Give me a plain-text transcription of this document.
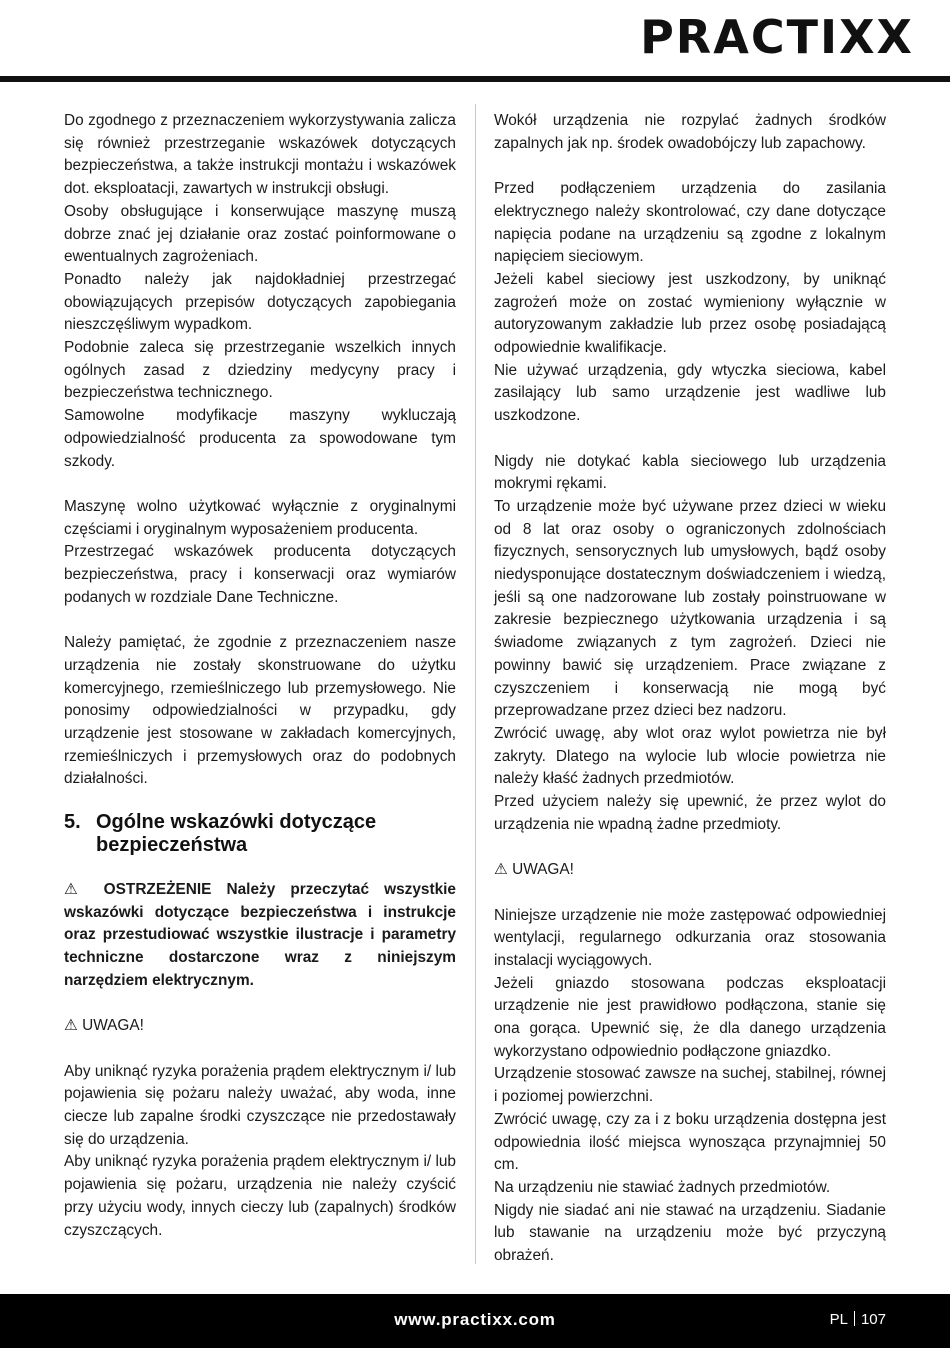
PRACTIXX

Do zgodnego z przeznaczeniem wykorzystywania zalicza się również przestrzeganie wskazówek dotyczących bezpieczeństwa, a także instrukcji montażu i wskazówek dot. eksploatacji, zawartych w instrukcji obsługi.

Osoby obsługujące i konserwujące maszynę muszą dobrze znać jej działanie oraz zostać poinformowane o ewentualnych zagrożeniach.

Ponadto należy jak najdokładniej przestrzegać obowiązujących przepisów dotyczących zapobiegania nieszczęśliwym wypadkom.

Podobnie zaleca się przestrzeganie wszelkich innych ogólnych zasad z dziedziny medycyny pracy i bezpieczeństwa technicznego.

Samowolne modyfikacje maszyny wykluczają odpowiedzialność producenta za spowodowane tym szkody.

Maszynę wolno użytkować wyłącznie z oryginalnymi częściami i oryginalnym wyposażeniem producenta.

Przestrzegać wskazówek producenta dotyczących bezpieczeństwa, pracy i konserwacji oraz wymiarów podanych w rozdziale Dane Techniczne.

Należy pamiętać, że zgodnie z przeznaczeniem nasze urządzenia nie zostały skonstruowane do użytku komercyjnego, rzemieślniczego lub przemysłowego. Nie ponosimy odpowiedzialności w przypadku, gdy urządzenie jest stosowane w zakładach komercyjnych, rzemieślniczych i przemysłowych oraz do podobnych działalności.

5. Ogólne wskazówki dotyczące bezpieczeństwa

⚠ OSTRZEŻENIE Należy przeczytać wszystkie wskazówki dotyczące bezpieczeństwa i instrukcje oraz przestudiować wszystkie ilustracje i parametry techniczne dostarczone wraz z niniejszym narzędziem elektrycznym.

⚠ UWAGA!

Aby uniknąć ryzyka porażenia prądem elektrycznym i/ lub pojawienia się pożaru należy uważać, aby woda, inne ciecze lub zapalne środki czyszczące nie przedostawały się do urządzenia.

Aby uniknąć ryzyka porażenia prądem elektrycznym i/ lub pojawienia się pożaru, urządzenia nie należy czyścić przy użyciu wody, innych cieczy lub (zapalnych) środków czyszczących.

Wokół urządzenia nie rozpylać żadnych środków zapalnych jak np. środek owadobójczy lub zapachowy.

Przed podłączeniem urządzenia do zasilania elektrycznego należy skontrolować, czy dane dotyczące napięcia podane na urządzeniu są zgodne z lokalnym napięciem sieciowym.

Jeżeli kabel sieciowy jest uszkodzony, by uniknąć zagrożeń może on zostać wymieniony wyłącznie w autoryzowanym zakładzie lub przez osobę posiadającą odpowiednie kwalifikacje.

Nie używać urządzenia, gdy wtyczka sieciowa, kabel zasilający lub samo urządzenie jest wadliwe lub uszkodzone.

Nigdy nie dotykać kabla sieciowego lub urządzenia mokrymi rękami.

To urządzenie może być używane przez dzieci w wieku od 8 lat oraz osoby o ograniczonych zdolnościach fizycznych, sensorycznych lub umysłowych, bądź osoby niedysponujące dostatecznym doświadczeniem i wiedzą, jeśli są one nadzorowane lub zostały poinstruowane w zakresie bezpiecznego użytkowania urządzenia i są świadome związanych z tym zagrożeń. Dzieci nie powinny bawić się urządzeniem. Prace związane z czyszczeniem i konserwacją nie mogą być przeprowadzane przez dzieci bez nadzoru.

Zwrócić uwagę, aby wlot oraz wylot powietrza nie był zakryty. Dlatego na wylocie lub wlocie powietrza nie należy kłaść żadnych przedmiotów.

Przed użyciem należy się upewnić, że przez wylot do urządzenia nie wpadną żadne przedmioty.

⚠ UWAGA!

Niniejsze urządzenie nie może zastępować odpowiedniej wentylacji, regularnego odkurzania oraz stosowania instalacji wyciągowych.

Jeżeli gniazdo stosowana podczas eksploatacji urządzenie nie jest prawidłowo podłączona, stanie się ona gorąca. Upewnić się, że dla danego urządzenia wykorzystano odpowiednio podłączone gniazdko.

Urządzenie stosować zawsze na suchej, stabilnej, równej i poziomej powierzchni.

Zwrócić uwagę, czy za i z boku urządzenia dostępna jest odpowiednia ilość miejsca wynosząca przynajmniej 50 cm.

Na urządzeniu nie stawiać żadnych przedmiotów.

Nigdy nie siadać ani nie stawać na urządzeniu. Siadanie lub stawanie na urządzeniu może być przyczyną obrażeń.

www.practixx.com	PL 107
